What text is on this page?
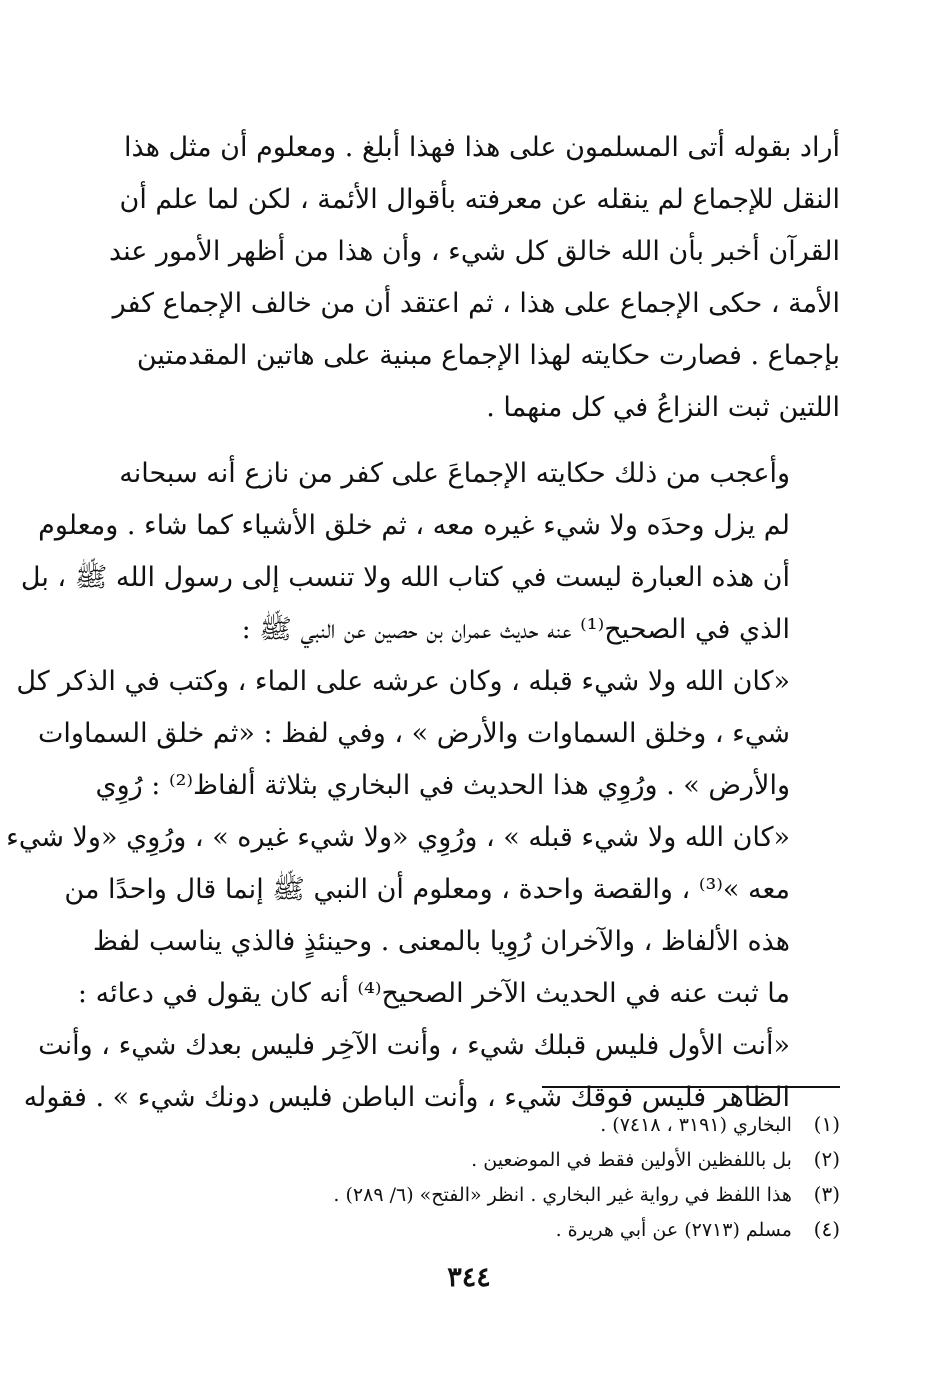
أراد بقوله أتى المسلمون على هذا فهذا أبلغ . ومعلوم أن مثل هذا
النقل للإجماع لم ينقله عن معرفته بأقوال الأئمة ، لكن لما علم أن
القرآن أخبر بأن الله خالق كل شيء ، وأن هذا من أظهر الأمور عند
الأمة ، حكى الإجماع على هذا ، ثم اعتقد أن من خالف الإجماع كفر
بإجماع . فصارت حكايته لهذا الإجماع مبنية على هاتين المقدمتين
اللتين ثبت النزاعُ في كل منهما .

وأعجب من ذلك حكايته الإجماعَ على كفر من نازع أنه سبحانه
لم يزل وحدَه ولا شيء غيره معه ، ثم خلق الأشياء كما شاء . ومعلوم
أن هذه العبارة ليست في كتاب الله ولا تنسب إلى رسول الله ﷺ ، بل
الذي في الصحيح⁽¹⁾ عنه حديث عمران بن حصين عن النبي ﷺ :
«كان الله ولا شيء قبله ، وكان عرشه على الماء ، وكتب في الذكر كل
شيء ، وخلق السماوات والأرض » ، وفي لفظ : «ثم خلق السماوات
والأرض » . ورُوِي هذا الحديث في البخاري بثلاثة ألفاظ⁽²⁾ : رُوِي
«كان الله ولا شيء قبله » ، ورُوِي «ولا شيء غيره » ، ورُوِي «ولا شيء
معه »⁽³⁾ ، والقصة واحدة ، ومعلوم أن النبي ﷺ إنما قال واحدًا من
هذه الألفاظ ، والآخران رُوِيا بالمعنى . وحينئذٍ فالذي يناسب لفظ
ما ثبت عنه في الحديث الآخر الصحيح⁽⁴⁾ أنه كان يقول في دعائه :
«أنت الأول فليس قبلك شيء ، وأنت الآخِر فليس بعدك شيء ، وأنت
الظاهر فليس فوقك شيء ، وأنت الباطن فليس دونك شيء » . فقوله

(١) البخاري (٣١٩١ ، ٧٤١٨) .
(٢) بل باللفظين الأولين فقط في الموضعين .
(٣) هذا اللفظ في رواية غير البخاري . انظر «الفتح» (٦/ ٢٨٩) .
(٤) مسلم (٢٧١٣) عن أبي هريرة .
٣٤٤
